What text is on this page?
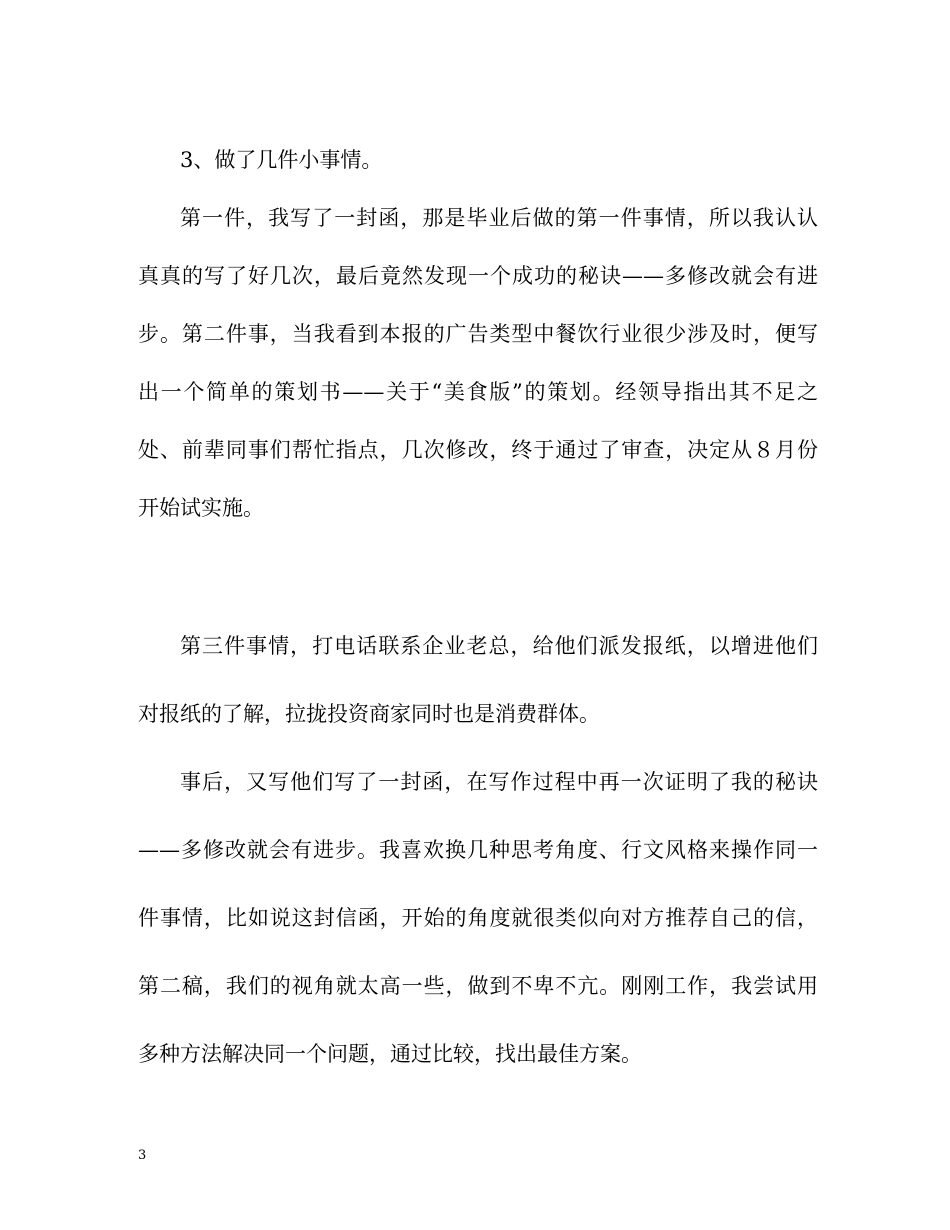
3、做了几件小事情。
第一件，我写了一封函，那是毕业后做的第一件事情，所以我认认
真真的写了好几次，最后竟然发现一个成功的秘诀——多修改就会有进
步。第二件事，当我看到本报的广告类型中餐饮行业很少涉及时，便写
出一个简单的策划书——关于“美食版”的策划。经领导指出其不足之
处、前辈同事们帮忙指点，几次修改，终于通过了审查，决定从８月份
开始试实施。
第三件事情，打电话联系企业老总，给他们派发报纸，以增进他们
对报纸的了解，拉拢投资商家同时也是消费群体。
事后，又写他们写了一封函，在写作过程中再一次证明了我的秘诀
——多修改就会有进步。我喜欢换几种思考角度、行文风格来操作同一
件事情，比如说这封信函，开始的角度就很类似向对方推荐自己的信，
第二稿，我们的视角就太高一些，做到不卑不亢。刚刚工作，我尝试用
多种方法解决同一个问题，通过比较，找出最佳方案。
3
